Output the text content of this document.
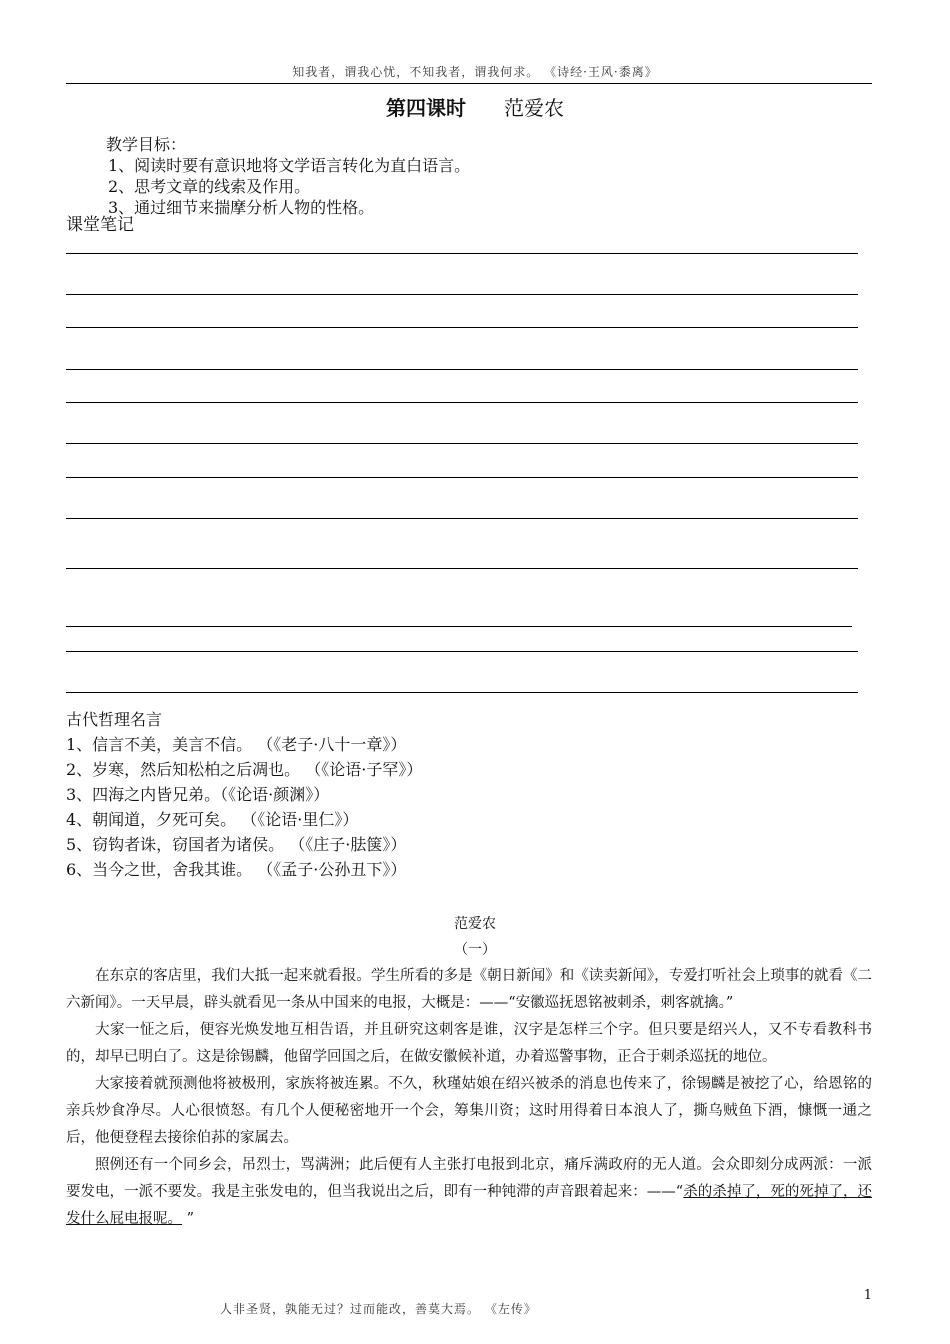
知我者，谓我心忧，不知我者，谓我何求。 《诗经·王风·黍离》
第四课时 范爱农
教学目标：
1、阅读时要有意识地将文学语言转化为直白语言。
2、思考文章的线索及作用。
3、通过细节来揣摩分析人物的性格。
课堂笔记
古代哲理名言
1、信言不美，美言不信。 （《老子·八十一章》）
2、岁寒，然后知松柏之后凋也。 （《论语·子罕》）
3、四海之内皆兄弟。（《论语·颜渊》）
4、朝闻道，夕死可矣。 （《论语·里仁》）
5、窃钩者诛，窃国者为诸侯。 （《庄子·胠箧》）
6、当今之世，舍我其谁。 （《孟子·公孙丑下》）
范爱农
（一）

在东京的客店里，我们大抵一起来就看报。学生所看的多是《朝日新闻》和《读卖新闻》，专爱打听社会上琐事的就看《二六新闻》。一天早晨，辟头就看见一条从中国来的电报，大概是：——“安徽巡抚恩铭被刺杀，刺客就擒。”

大家一怔之后，便容光焕发地互相告语，并且研究这刺客是谁，汉字是怎样三个字。但只要是绍兴人，又不专看教科书的，却早已明白了。这是徐锡麟，他留学回国之后，在做安徽候补道，办着巡警事物，正合于刺杀巡抚的地位。

大家接着就预测他将被极刑，家族将被连累。不久，秋瑾姑娘在绍兴被杀的消息也传来了，徐锡麟是被挖了心，给恩铭的亲兵炒食净尽。人心很愤怒。有几个人便秘密地开一个会，筹集川资；这时用得着日本浪人了，撕乌贼鱼下酒，慷慨一通之后，他便登程去接徐伯荪的家属去。

照例还有一个同乡会，吊烈士，骂满洲；此后便有人主张打电报到北京，痛斥满政府的无人道。会众即刻分成两派：一派要发电，一派不要发。我是主张发电的，但当我说出之后，即有一种钝滞的声音跟着起来：——“杀的杀掉了，死的死掉了，还发什么屁电报呢。 ”

1
人非圣贤，孰能无过？过而能改，善莫大焉。 《左传》
